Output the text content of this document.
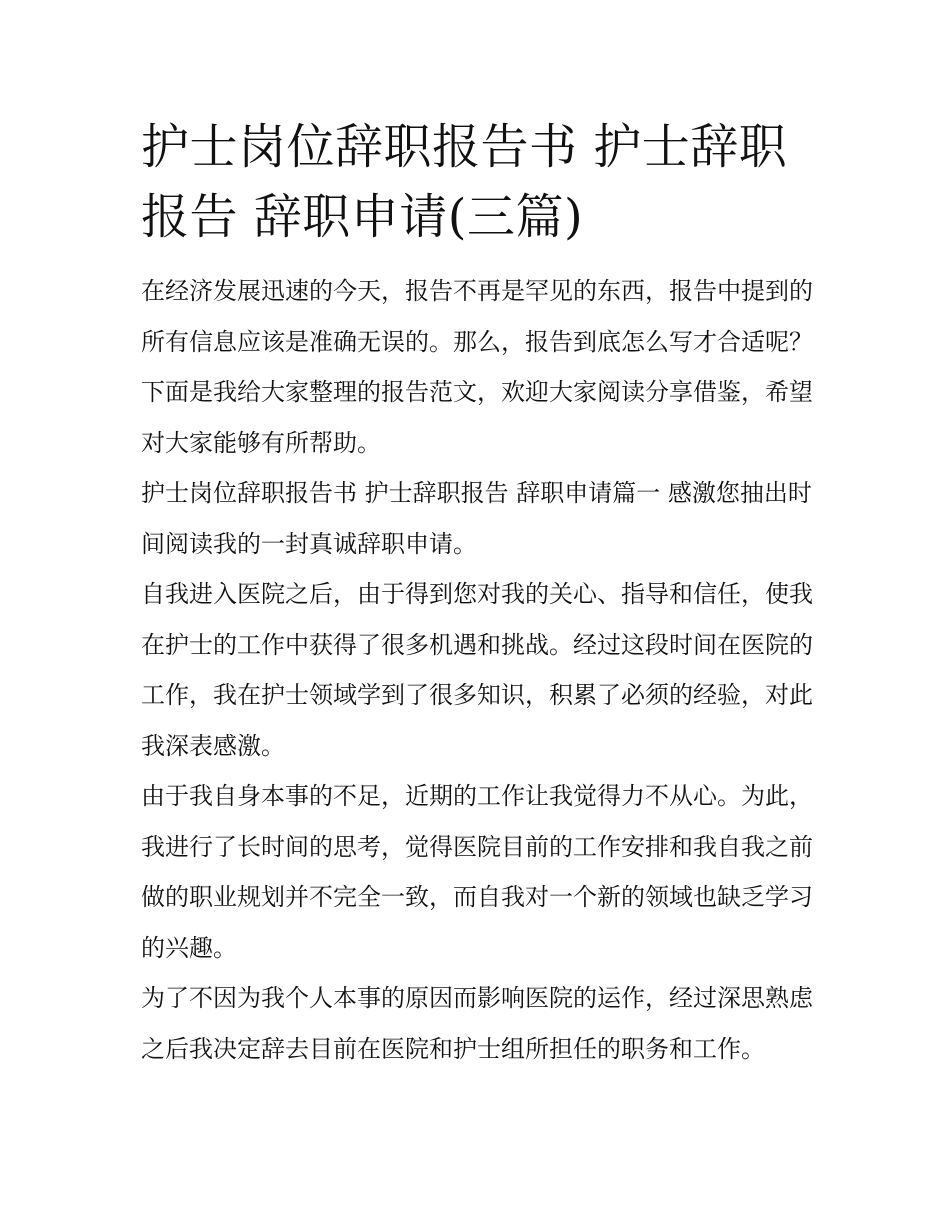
护士岗位辞职报告书 护士辞职报告 辞职申请(三篇)

在经济发展迅速的今天，报告不再是罕见的东西，报告中提到的所有信息应该是准确无误的。那么，报告到底怎么写才合适呢？下面是我给大家整理的报告范文，欢迎大家阅读分享借鉴，希望对大家能够有所帮助。

护士岗位辞职报告书 护士辞职报告 辞职申请篇一 感激您抽出时间阅读我的一封真诚辞职申请。

自我进入医院之后，由于得到您对我的关心、指导和信任，使我在护士的工作中获得了很多机遇和挑战。经过这段时间在医院的工作，我在护士领域学到了很多知识，积累了必须的经验，对此我深表感激。

由于我自身本事的不足，近期的工作让我觉得力不从心。为此，我进行了长时间的思考，觉得医院目前的工作安排和我自我之前做的职业规划并不完全一致，而自我对一个新的领域也缺乏学习的兴趣。

为了不因为我个人本事的原因而影响医院的运作，经过深思熟虑之后我决定辞去目前在医院和护士组所担任的职务和工作。
